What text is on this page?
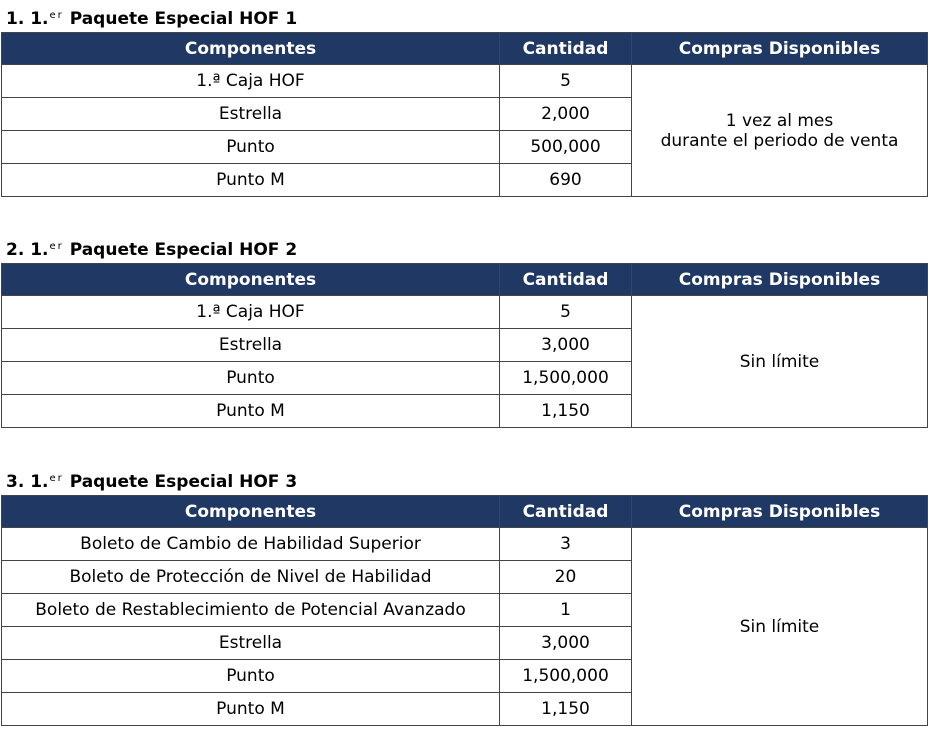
1. 1.$^{er}$ Paquete Especial HOF 1
Componentes	Cantidad	Compras Disponibles
1.ª Caja HOF	5	1 vez al mes
durante el periodo de venta

Estrella	2,000	
Punto	500,000	
Punto M	690	
2. 1.$^{er}$ Paquete Especial HOF 2
Componentes	Cantidad	Compras Disponibles
1.ª Caja HOF	5	Sin límite

Estrella	3,000	
Punto	1,500,000	
Punto M	1,150	
3. 1.$^{er}$ Paquete Especial HOF 3
Componentes	Cantidad	Compras Disponibles
Boleto de Cambio de Habilidad Superior	3	Sin límite

Boleto de Protección de Nivel de Habilidad	20	
Boleto de Restablecimiento de Potencial Avanzado	1	
Estrella	3,000	
Punto	1,500,000	
Punto M	1,150	
